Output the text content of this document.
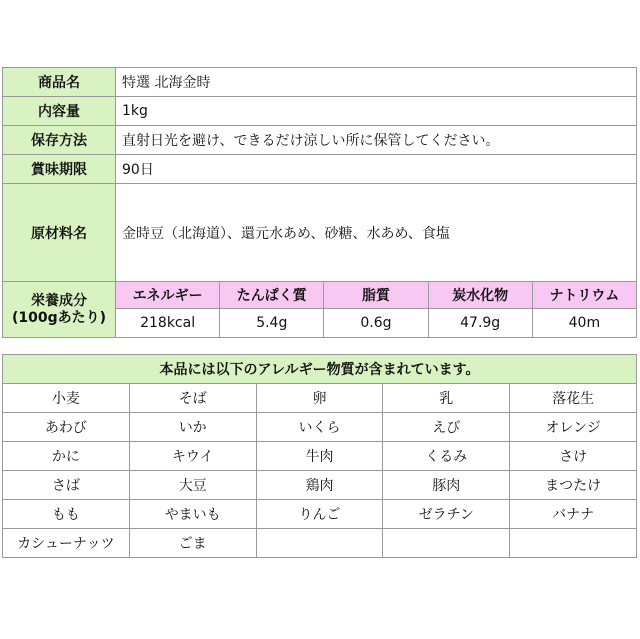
商品名	特選 北海金時				
内容量	1kg				
保存方法	直射日光を避け、できるだけ涼しい所に保管してください。				
賞味期限	90日				
原材料名	金時豆（北海道）、還元水あめ、砂糖、水あめ、食塩				

栄養成分
(100gあたり)	エネルギー	たんぱく質	脂質	炭水化物	ナトリウム
	218kcal	5.4g	0.6g	47.9g	40m
本品には以下のアレルギー物質が含まれています。				
小麦	そば	卵	乳	落花生
あわび	いか	いくら	えび	オレンジ
かに	キウイ	牛肉	くるみ	さけ
さば	大豆	鶏肉	豚肉	まつたけ
もも	やまいも	りんご	ゼラチン	バナナ
カシューナッツ	ごま			
